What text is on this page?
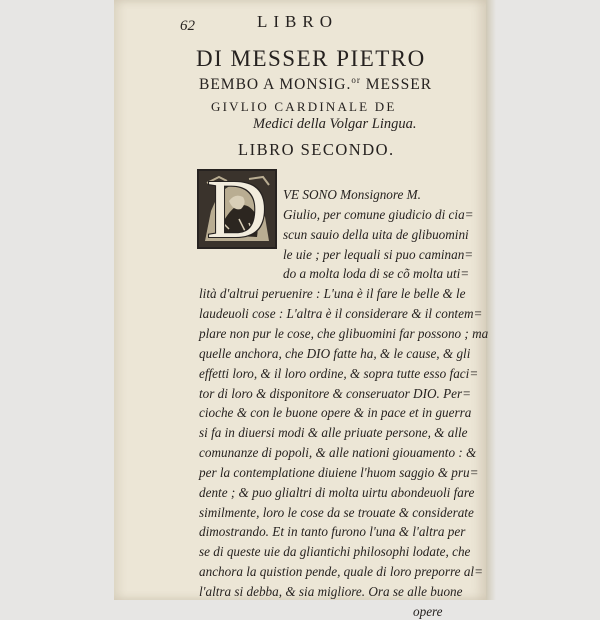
62	LIBRO
DI MESSER PIETRO
BEMBO A MONSIG.$^{or}$ MESSER
GIVLIO CARDINALE DE
Medici della Volgar Lingua.
LIBRO SECONDO.
D	VE SONO Monsignore M.
Giulio, per comune giudicio di cia=
scun sauio della uita de glibuomini
le uie ; per lequali si puo caminan=
do a molta loda di se cõ molta uti=
lità d'altrui peruenire : L'una è il fare le belle & le
laudeuoli cose : L'altra è il considerare & il contem=
plare non pur le cose, che glibuomini far possono ; ma
quelle anchora, che DIO fatte ha, & le cause, & gli
effetti loro, & il loro ordine, & sopra tutte esso faci=
tor di loro & disponitore & conseruator DIO. Per=
cioche & con le buone opere & in pace et in guerra
si fa in diuersi modi & alle priuate persone, & alle
comunanze di popoli, & alle nationi giouamento : &
per la contemplatione diuiene l'huom saggio & pru=
dente ; & puo glialtri di molta uirtu abondeuoli fare
similmente, loro le cose da se trouate & considerate
dimostrando. Et in tanto furono l'una & l'altra per
se di queste uie da gliantichi philosophi lodate, che
anchora la quistion pende, quale di loro preporre al=
l'altra si debba, & sia migliore. Ora se alle buone
opere
